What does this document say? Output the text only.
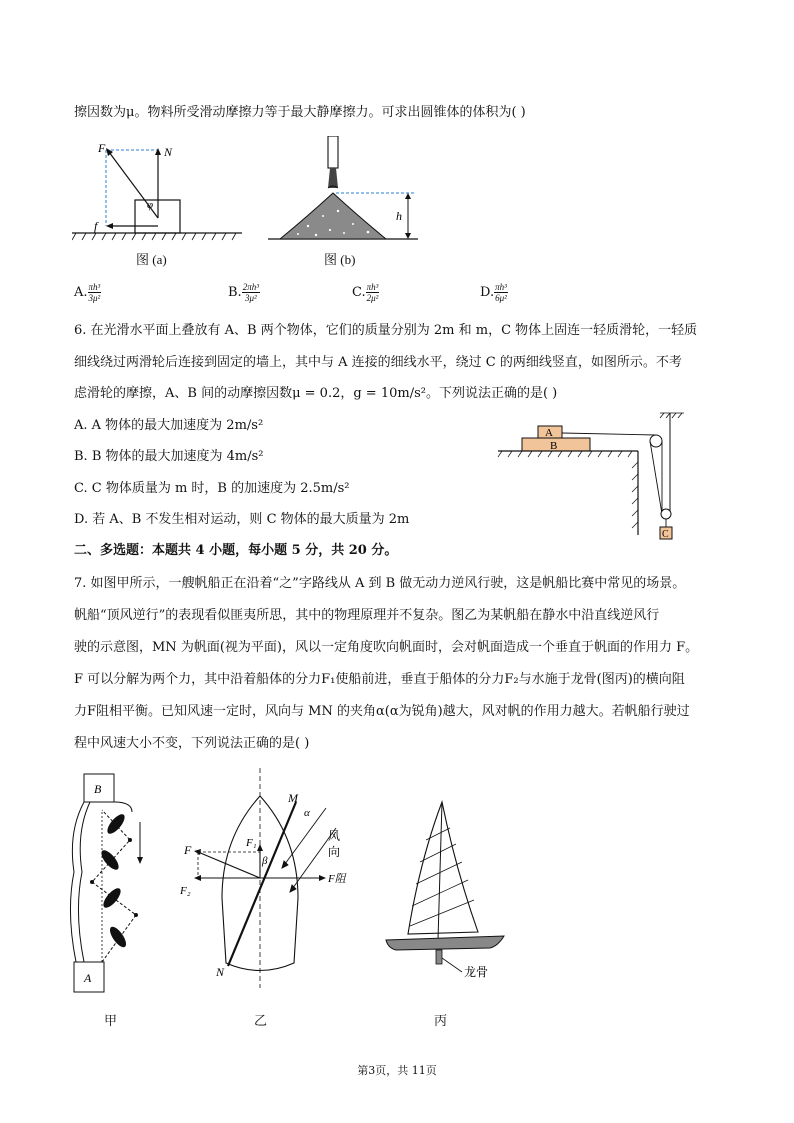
擦因数为μ。物料所受滑动摩擦力等于最大静摩擦力。可求出圆锥体的体积为( )
F	N
f
φ
图 (a)
h
图 (b)
A. $\frac{\text{πh³}}{\text{3μ²}}$	B. $\frac{\text{2πh³}}{\text{3μ²}}$	C. $\frac{\text{πh³}}{\text{2μ²}}$	D. $\frac{\text{πh³}}{\text{6μ²}}$
6. 在光滑水平面上叠放有 A、B 两个物体，它们的质量分别为 2m 和 m，C 物体上固连一轻质滑轮，一轻质
细线绕过两滑轮后连接到固定的墙上，其中与 A 连接的细线水平，绕过 C 的两细线竖直，如图所示。不考
虑滑轮的摩擦，A、B 间的动摩擦因数μ = 0.2，g = 10m/s²。下列说法正确的是( )
A. A 物体的最大加速度为 2m/s²
B. B 物体的最大加速度为 4m/s²
C. C 物体质量为 m 时，B 的加速度为 2.5m/s²
D. 若 A、B 不发生相对运动，则 C 物体的最大质量为 2m
A
B
C
二、多选题：本题共 4 小题，每小题 5 分，共 20 分。
7. 如图甲所示，一艘帆船正在沿着“之”字路线从 A 到 B 做无动力逆风行驶，这是帆船比赛中常见的场景。
帆船“顶风逆行”的表现看似匪夷所思，其中的物理原理并不复杂。图乙为某帆船在静水中沿直线逆风行
驶的示意图，MN 为帆面(视为平面)，风以一定角度吹向帆面时，会对帆面造成一个垂直于帆面的作用力 F。
F 可以分解为两个力，其中沿着船体的分力F₁使船前进，垂直于船体的分力F₂与水施于龙骨(图丙)的横向阻
力F阻相平衡。已知风速一定时，风向与 MN 的夹角α(α为锐角)越大，风对帆的作用力越大。若帆船行驶过
程中风速大小不变，下列说法正确的是( )
B
A
甲
M
N
α
风
向
F	F₁
F₂
F阻
β
乙
龙骨
丙
第3页，共 11页
